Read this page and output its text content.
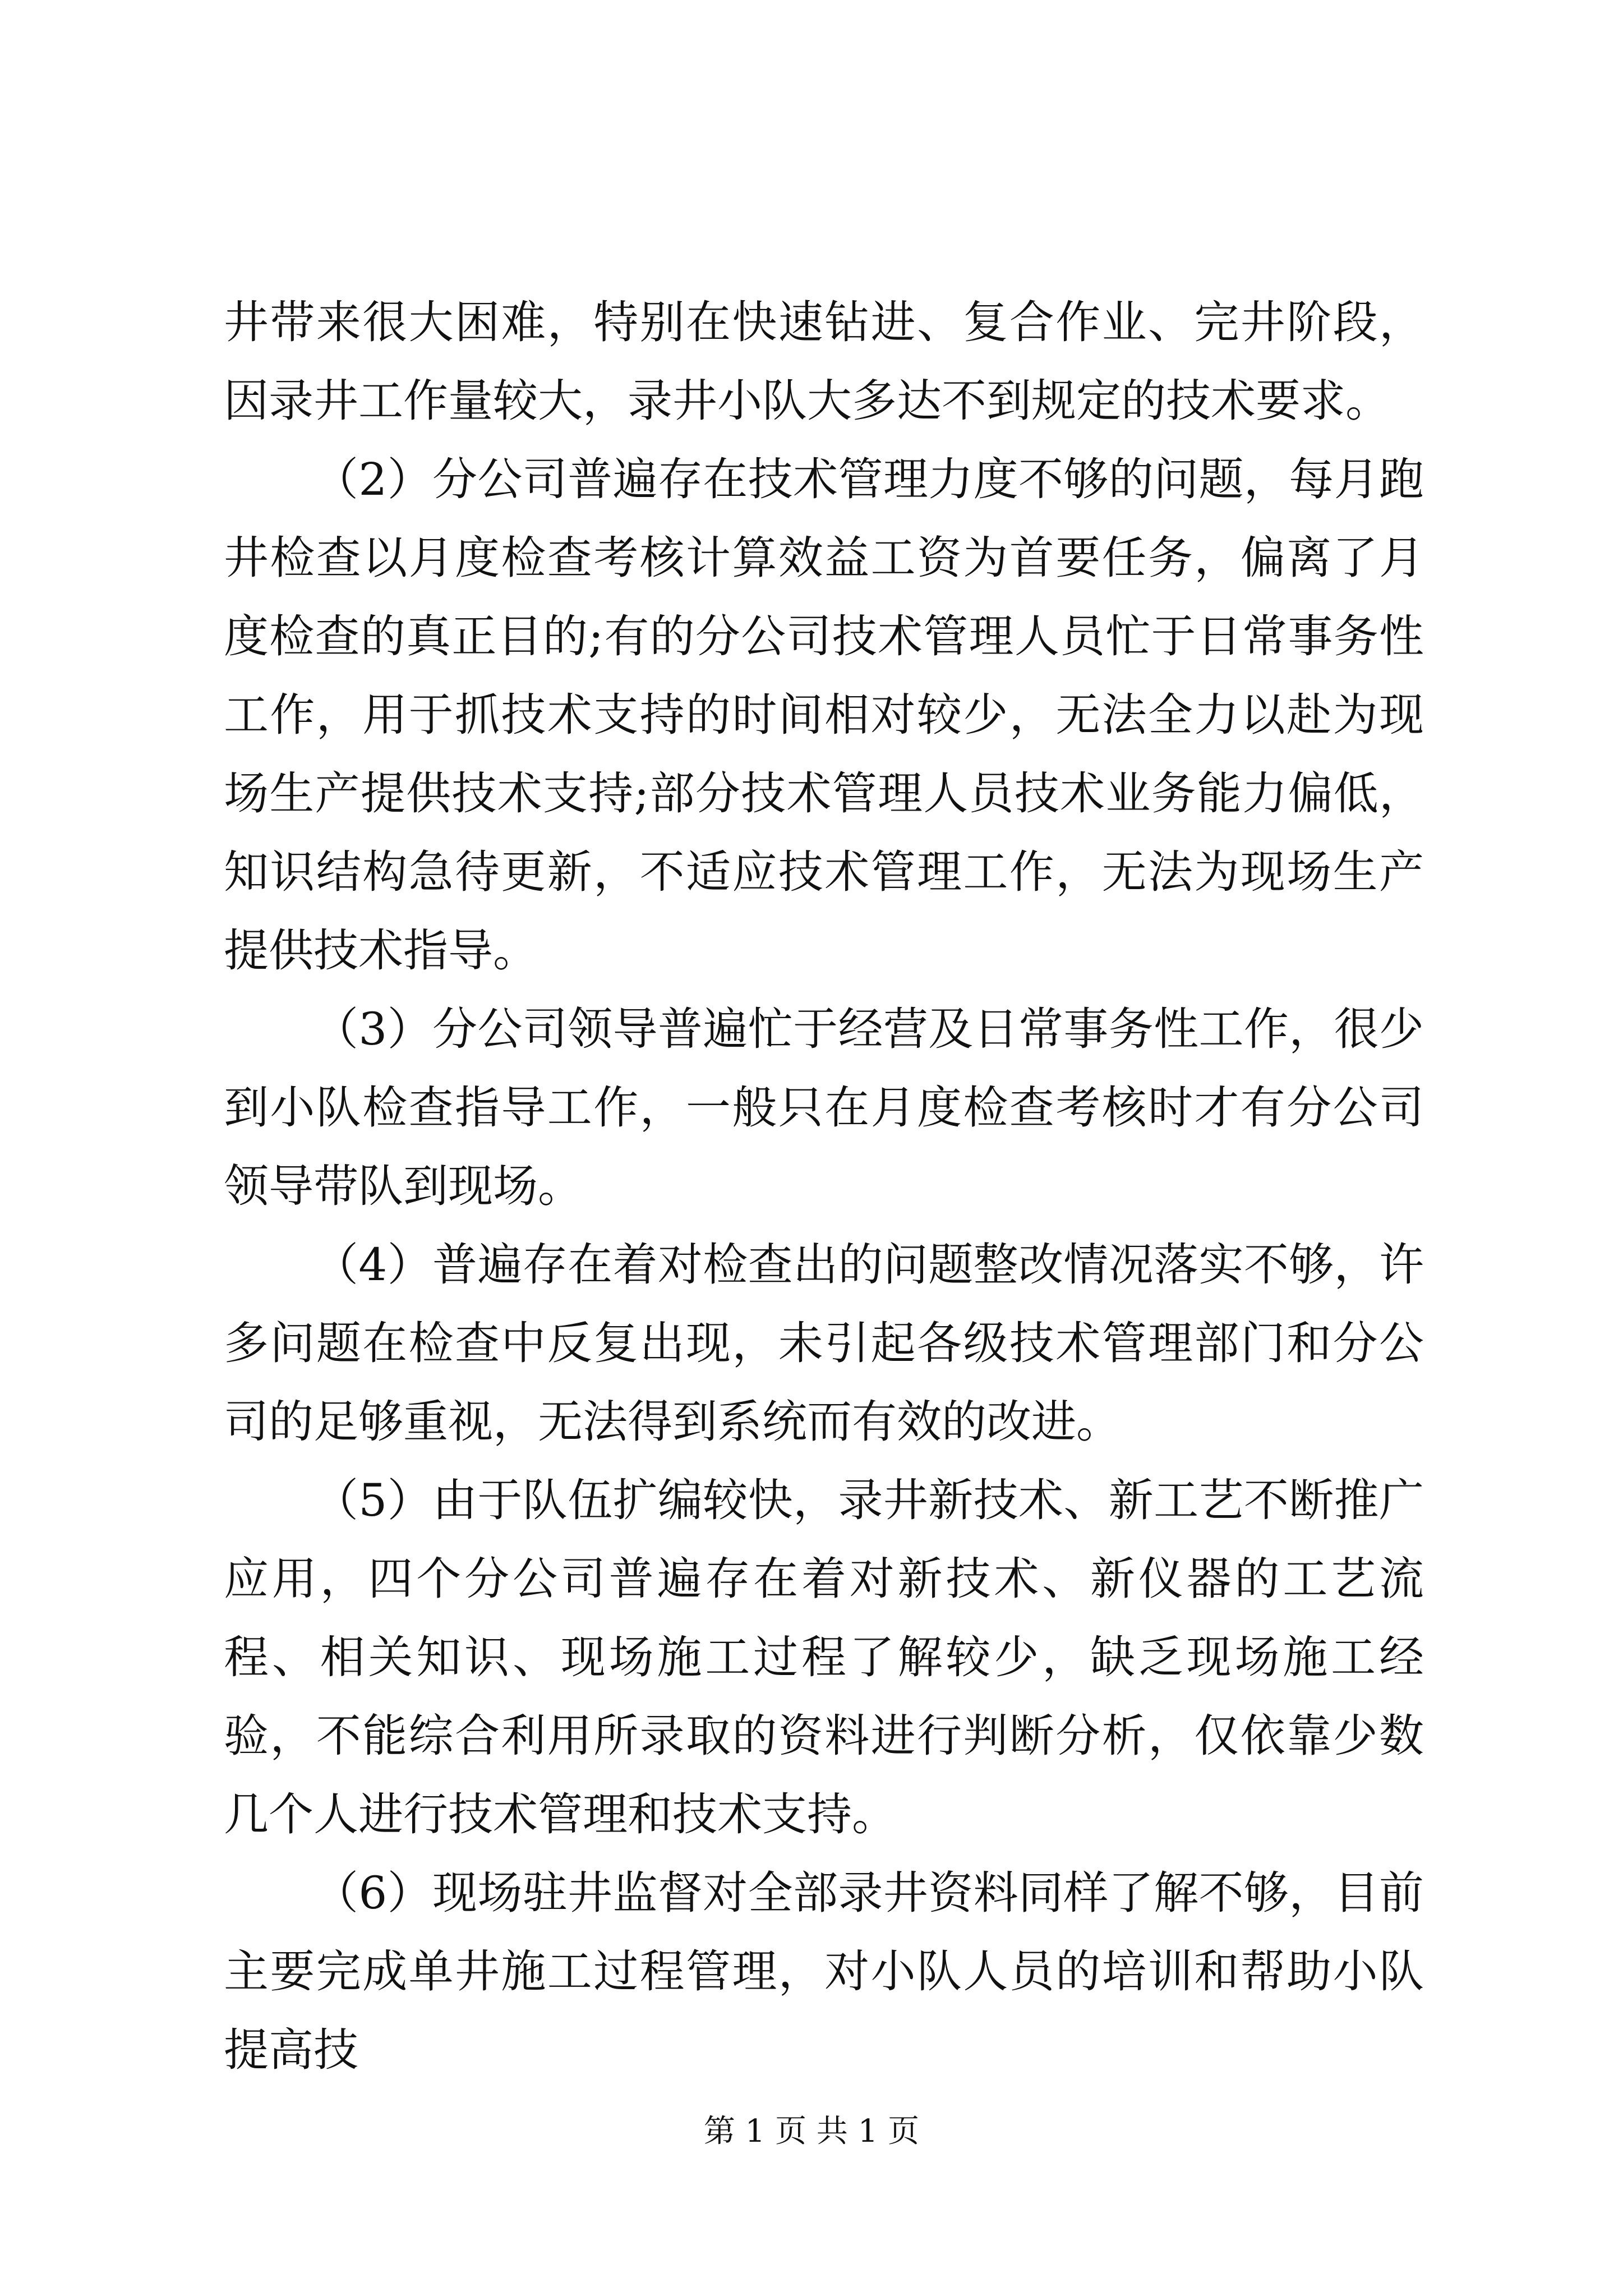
井带来很大困难，特别在快速钻进、复合作业、完井阶段，因录井工作量较大，录井小队大多达不到规定的技术要求。

（2）分公司普遍存在技术管理力度不够的问题，每月跑井检查以月度检查考核计算效益工资为首要任务，偏离了月度检查的真正目的;有的分公司技术管理人员忙于日常事务性工作，用于抓技术支持的时间相对较少，无法全力以赴为现场生产提供技术支持;部分技术管理人员技术业务能力偏低，知识结构急待更新，不适应技术管理工作，无法为现场生产提供技术指导。

（3）分公司领导普遍忙于经营及日常事务性工作，很少到小队检查指导工作，一般只在月度检查考核时才有分公司领导带队到现场。

（4）普遍存在着对检查出的问题整改情况落实不够，许多问题在检查中反复出现，未引起各级技术管理部门和分公司的足够重视，无法得到系统而有效的改进。

（5）由于队伍扩编较快，录井新技术、新工艺不断推广应用，四个分公司普遍存在着对新技术、新仪器的工艺流程、相关知识、现场施工过程了解较少，缺乏现场施工经验，不能综合利用所录取的资料进行判断分析，仅依靠少数几个人进行技术管理和技术支持。

（6）现场驻井监督对全部录井资料同样了解不够，目前主要完成单井施工过程管理，对小队人员的培训和帮助小队提高技

第 1 页 共 1 页
